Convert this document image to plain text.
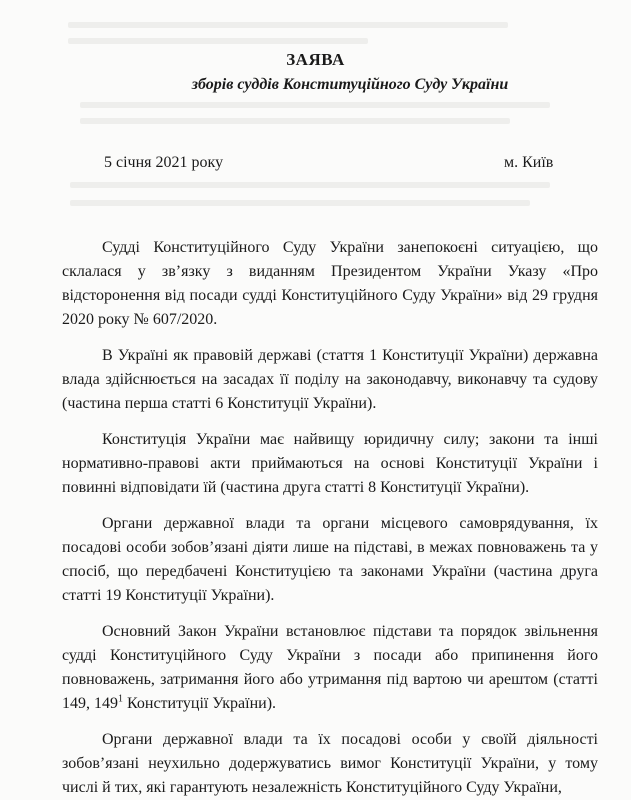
ЗАЯВА
зборів суддів Конституційного Суду України
5 січня 2021 року	м. Київ

Судді Конституційного Суду України занепокоєні ситуацією, що склалася у зв’язку з виданням Президентом України Указу «Про відсторонення від посади судді Конституційного Суду України» від 29 грудня 2020 року № 607/2020.

В Україні як правовій державі (стаття 1 Конституції України) державна влада здійснюється на засадах її поділу на законодавчу, виконавчу та судову (частина перша статті 6 Конституції України).

Конституція України має найвищу юридичну силу; закони та інші нормативно-правові акти приймаються на основі Конституції України і повинні відповідати їй (частина друга статті 8 Конституції України).

Органи державної влади та органи місцевого самоврядування, їх посадові особи зобов’язані діяти лише на підставі, в межах повноважень та у спосіб, що передбачені Конституцією та законами України (частина друга статті 19 Конституції України).

Основний Закон України встановлює підстави та порядок звільнення судді Конституційного Суду України з посади або припинення його повноважень, затримання його або утримання під вартою чи арештом (статті 149, $149^1$ Конституції України).

Органи державної влади та їх посадові особи у своїй діяльності зобов’язані неухильно додержуватись вимог Конституції України, у тому числі й тих, які гарантують незалежність Конституційного Суду України,
